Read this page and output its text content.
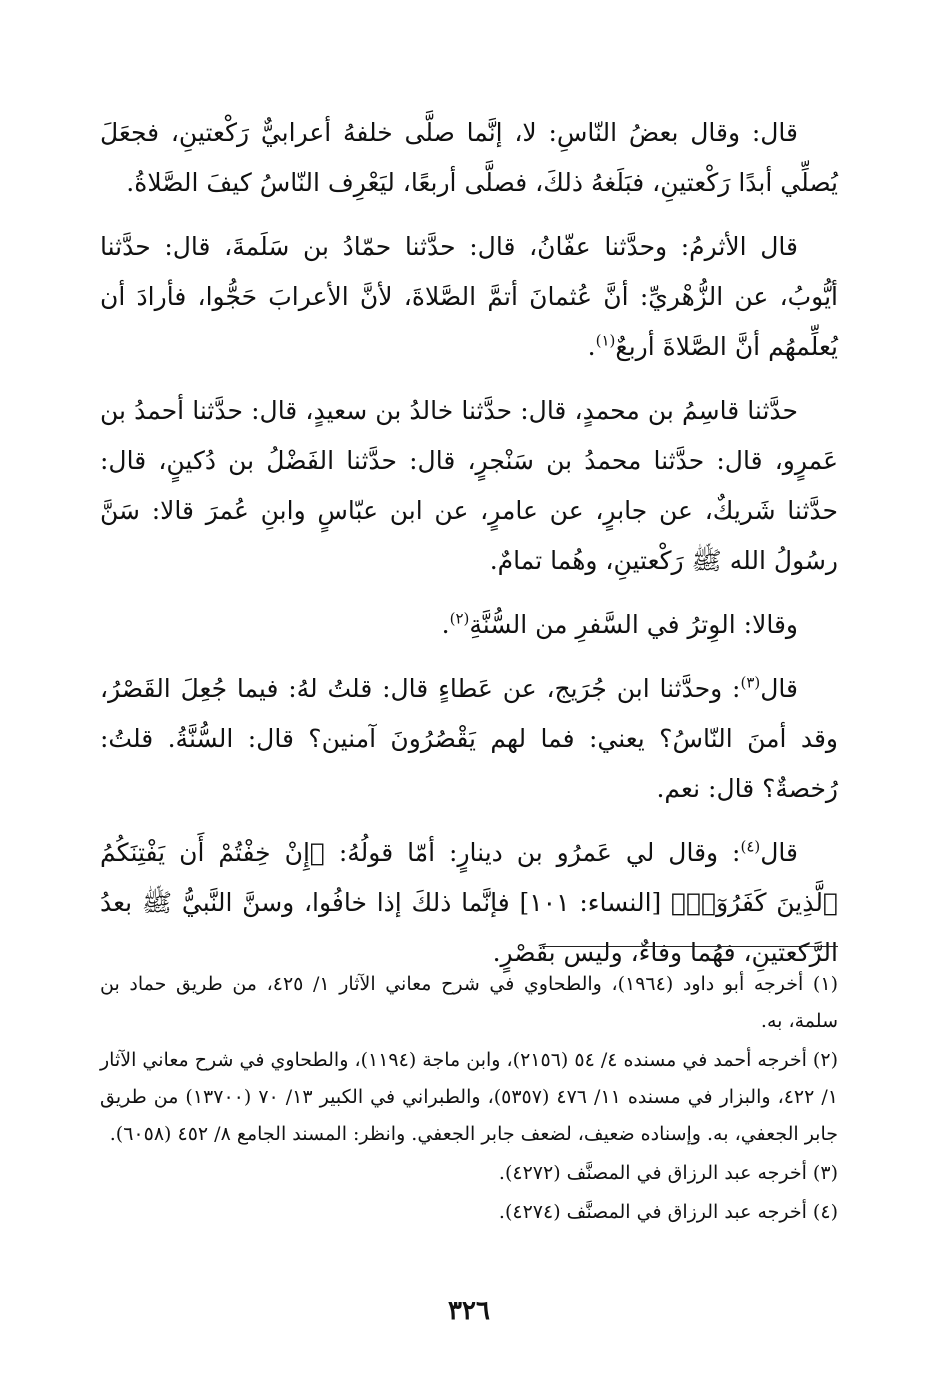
قال: وقال بعضُ النّاسِ: لا، إنَّما صلَّى خلفهُ أعرابيٌّ رَكْعتينِ، فجعَلَ يُصلِّي أبدًا رَكْعتينِ، فبَلَغهُ ذلكَ، فصلَّى أربعًا، ليَعْرِف النّاسُ كيفَ الصَّلاةُ.

قال الأثرمُ: وحدَّثنا عفّانُ، قال: حدَّثنا حمّادُ بن سَلَمةَ، قال: حدَّثنا أيُّوبُ، عن الزُّهْريِّ: أنَّ عُثمانَ أتمَّ الصَّلاةَ، لأنَّ الأعرابَ حَجُّوا، فأرادَ أن يُعلِّمهُم أنَّ الصَّلاةَ أربعٌ$^{(١)}$.

حدَّثنا قاسِمُ بن محمدٍ، قال: حدَّثنا خالدُ بن سعيدٍ، قال: حدَّثنا أحمدُ بن عَمرٍو، قال: حدَّثنا محمدُ بن سَنْجرٍ، قال: حدَّثنا الفَضْلُ بن دُكينٍ، قال: حدَّثنا شَريكٌ، عن جابرٍ، عن عامرٍ، عن ابن عبّاسٍ وابنِ عُمرَ قالا: سَنَّ رسُولُ الله ﷺ رَكْعتينِ، وهُما تمامٌ.

وقالا: الوِترُ في السَّفرِ من السُّنَّةِ$^{(٢)}$.

قال$^{(٣)}$: وحدَّثنا ابن جُرَيج، عن عَطاءٍ قال: قلتُ لهُ: فيما جُعِلَ القَصْرُ، وقد أمنَ النّاسُ؟ يعني: فما لهم يَقْصُرُونَ آمنين؟ قال: السُّنَّةُ. قلتُ: رُخصةٌ؟ قال: نعم.

قال$^{(٤)}$: وقال لي عَمرُو بن دينارٍ: أمّا قولُهُ: ﴿إِنْ خِفْتُمْ أَن يَفْتِنَكُمُ ٱلَّذِينَ كَفَرُوٓا۟﴾ [النساء: ١٠١] فإنَّما ذلكَ إذا خافُوا، وسنَّ النَّبيُّ ﷺ بعدُ الرَّكعتينِ، فهُما وفاءٌ، وليس بقَصْرٍ.

(١) أخرجه أبو داود (١٩٦٤)، والطحاوي في شرح معاني الآثار ١/ ٤٢٥، من طريق حماد بن سلمة، به.

(٢) أخرجه أحمد في مسنده ٤/ ٥٤ (٢١٥٦)، وابن ماجة (١١٩٤)، والطحاوي في شرح معاني الآثار ١/ ٤٢٢، والبزار في مسنده ١١/ ٤٧٦ (٥٣٥٧)، والطبراني في الكبير ١٣/ ٧٠ (١٣٧٠٠) من طريق جابر الجعفي، به. وإسناده ضعيف، لضعف جابر الجعفي. وانظر: المسند الجامع ٨/ ٤٥٢ (٦٠٥٨).

(٣) أخرجه عبد الرزاق في المصنَّف (٤٢٧٢).

(٤) أخرجه عبد الرزاق في المصنَّف (٤٢٧٤).

٣٢٦
